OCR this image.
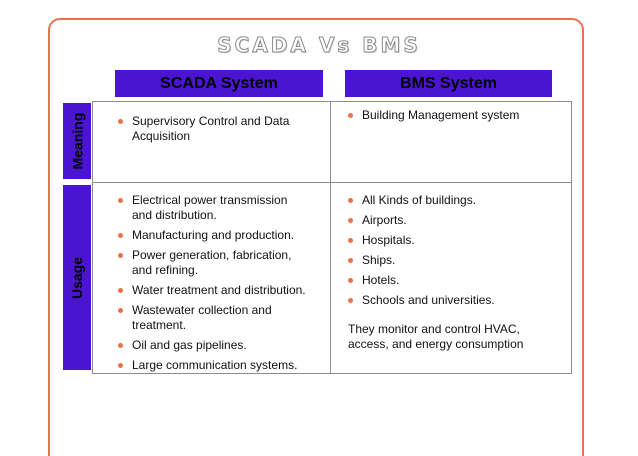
SCADA Vs BMS
SCADA System	BMS System
Meaning
Usage
Supervisory Control and Data Acquisition
Building Management system
Electrical power transmission and distribution.
Manufacturing and production.
Power generation, fabrication, and refining.
Water treatment and distribution.
Wastewater collection and treatment.
Oil and gas pipelines.
Large communication systems.
All Kinds of buildings.
Airports.
Hospitals.
Ships.
Hotels.
Schools and universities.
They monitor and control HVAC, access, and energy consumption
